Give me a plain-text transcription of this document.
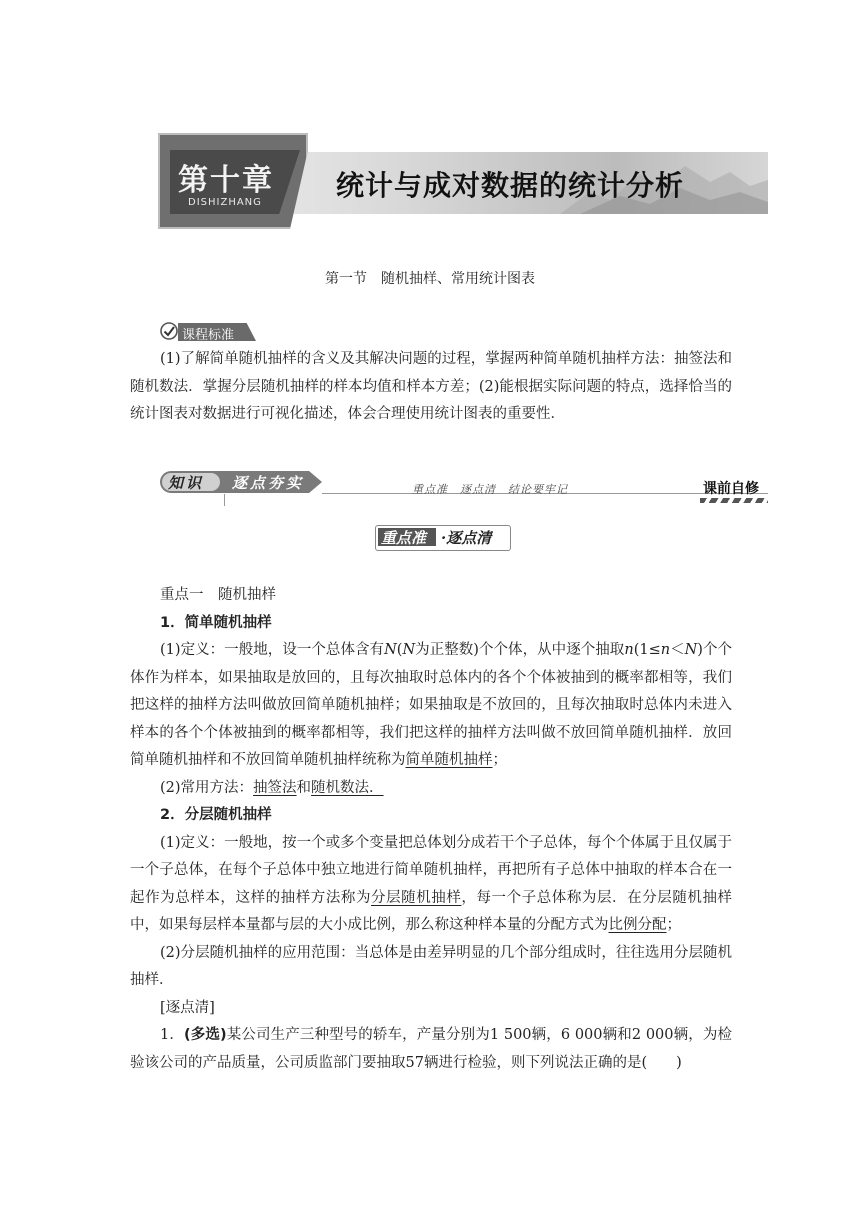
第十章
DISHIZHANG
统计与成对数据的统计分析
第一节　随机抽样、常用统计图表
课程标准

(1)了解简单随机抽样的含义及其解决问题的过程，掌握两种简单随机抽样方法：抽签法和随机数法．掌握分层随机抽样的样本均值和样本方差；(2)能根据实际问题的特点，选择恰当的统计图表对数据进行可视化描述，体会合理使用统计图表的重要性．

知识 逐点夯实	重点准　逐点清　结论要牢记	课前自修
重点准 ·逐点清

重点一　随机抽样

1．简单随机抽样

(1)定义：一般地，设一个总体含有N(N为正整数)个个体，从中逐个抽取n(1≤n＜N)个个体作为样本，如果抽取是放回的，且每次抽取时总体内的各个个体被抽到的概率都相等，我们把这样的抽样方法叫做放回简单随机抽样；如果抽取是不放回的，且每次抽取时总体内未进入样本的各个个体被抽到的概率都相等，我们把这样的抽样方法叫做不放回简单随机抽样．放回简单随机抽样和不放回简单随机抽样统称为简单随机抽样；

(2)常用方法：抽签法和随机数法．

2．分层随机抽样

(1)定义：一般地，按一个或多个变量把总体划分成若干个子总体，每个个体属于且仅属于一个子总体，在每个子总体中独立地进行简单随机抽样，再把所有子总体中抽取的样本合在一起作为总样本，这样的抽样方法称为分层随机抽样，每一个子总体称为层．在分层随机抽样中，如果每层样本量都与层的大小成比例，那么称这种样本量的分配方式为比例分配；

(2)分层随机抽样的应用范围：当总体是由差异明显的几个部分组成时，往往选用分层随机抽样．

[逐点清]

1．(多选)某公司生产三种型号的轿车，产量分别为1 500辆，6 000辆和2 000辆，为检验该公司的产品质量，公司质监部门要抽取57辆进行检验，则下列说法正确的是(　　)
